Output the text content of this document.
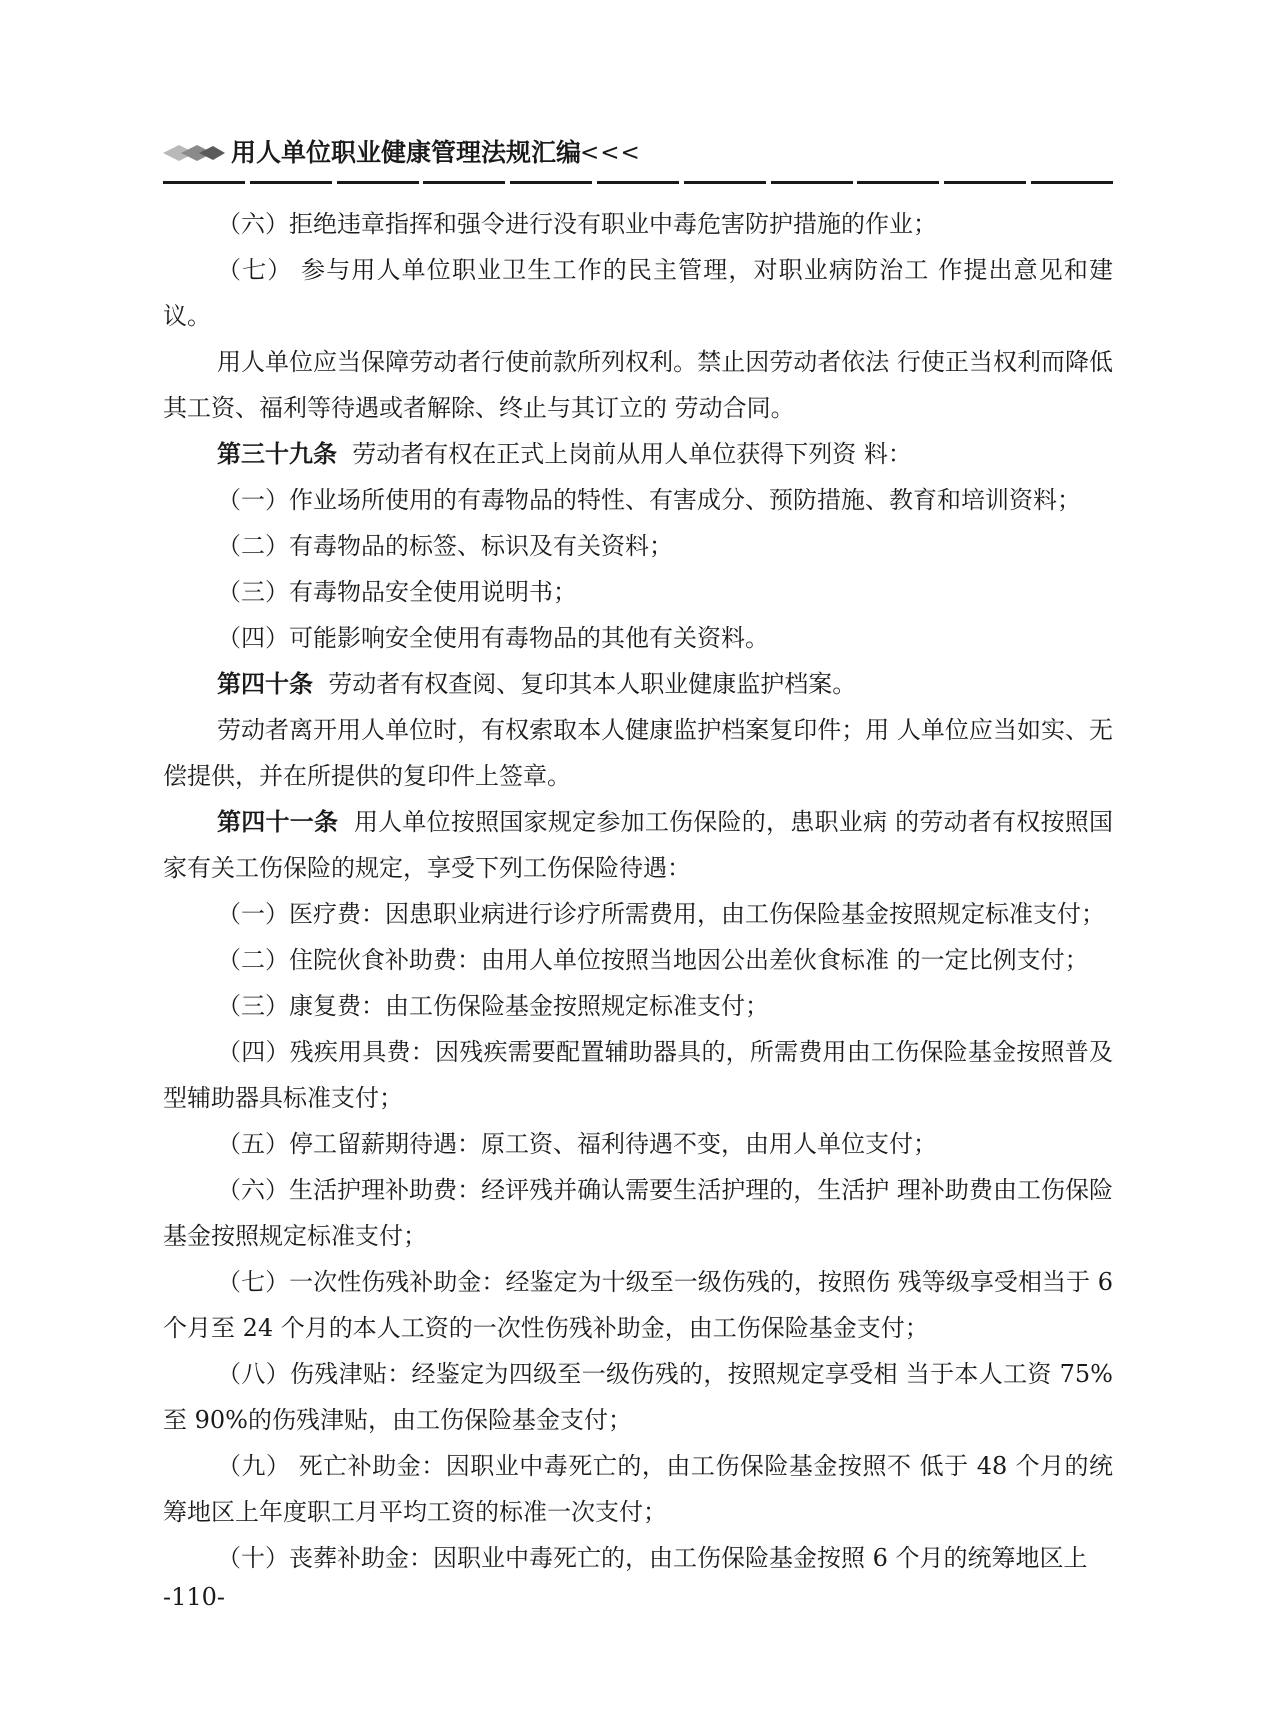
用人单位职业健康管理法规汇编
<<<

（六）拒绝违章指挥和强令进行没有职业中毒危害防护措施的作业；

（七） 参与用人单位职业卫生工作的民主管理，对职业病防治工 作提出意见和建议。

用人单位应当保障劳动者行使前款所列权利。禁止因劳动者依法 行使正当权利而降低其工资、福利等待遇或者解除、终止与其订立的 劳动合同。

第三十九条  劳动者有权在正式上岗前从用人单位获得下列资 料：

（一）作业场所使用的有毒物品的特性、有害成分、预防措施、教育和培训资料；

（二）有毒物品的标签、标识及有关资料；

（三）有毒物品安全使用说明书；

（四）可能影响安全使用有毒物品的其他有关资料。

第四十条  劳动者有权查阅、复印其本人职业健康监护档案。

劳动者离开用人单位时，有权索取本人健康监护档案复印件；用 人单位应当如实、无偿提供，并在所提供的复印件上签章。

第四十一条  用人单位按照国家规定参加工伤保险的，患职业病 的劳动者有权按照国家有关工伤保险的规定，享受下列工伤保险待遇：

（一）医疗费：因患职业病进行诊疗所需费用，由工伤保险基金按照规定标准支付；

（二）住院伙食补助费：由用人单位按照当地因公出差伙食标准 的一定比例支付；

（三）康复费：由工伤保险基金按照规定标准支付；

（四）残疾用具费：因残疾需要配置辅助器具的，所需费用由工伤保险基金按照普及型辅助器具标准支付；

（五）停工留薪期待遇：原工资、福利待遇不变，由用人单位支付；

（六）生活护理补助费：经评残并确认需要生活护理的，生活护 理补助费由工伤保险基金按照规定标准支付；

（七）一次性伤残补助金：经鉴定为十级至一级伤残的，按照伤 残等级享受相当于 6 个月至 24 个月的本人工资的一次性伤残补助金，由工伤保险基金支付；

（八）伤残津贴：经鉴定为四级至一级伤残的，按照规定享受相 当于本人工资 75% 至 90%的伤残津贴，由工伤保险基金支付；

（九） 死亡补助金：因职业中毒死亡的，由工伤保险基金按照不 低于 48 个月的统筹地区上年度职工月平均工资的标准一次支付；

（十）丧葬补助金：因职业中毒死亡的，由工伤保险基金按照 6 个月的统筹地区上

-110-
